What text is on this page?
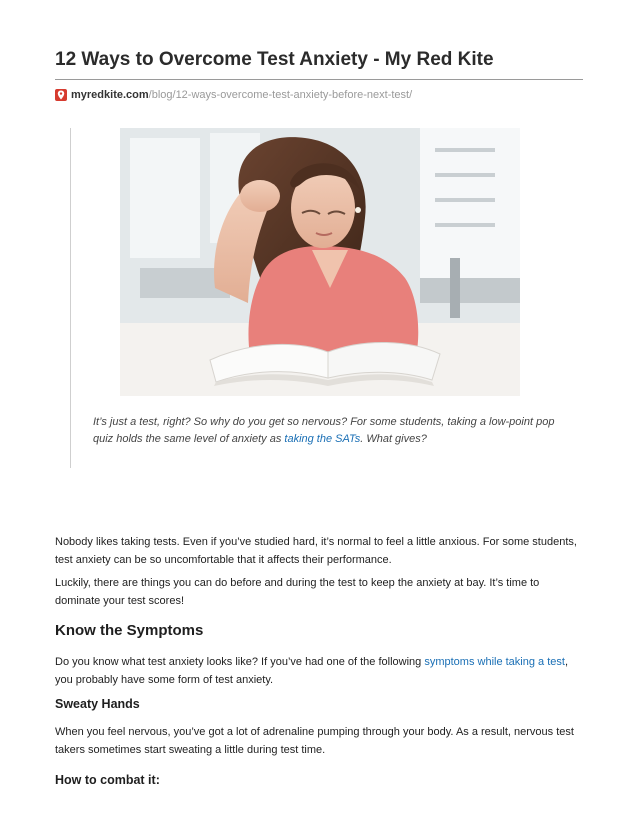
12 Ways to Overcome Test Anxiety - My Red Kite
myredkite.com /blog/12-ways-overcome-test-anxiety-before-next-test/

It’s just a test, right? So why do you get so nervous? For some students, taking a low-point pop quiz holds the same level of anxiety as taking the SATs. What gives?

Nobody likes taking tests. Even if you’ve studied hard, it’s normal to feel a little anxious. For some students, test anxiety can be so uncomfortable that it affects their performance.

Luckily, there are things you can do before and during the test to keep the anxiety at bay. It’s time to dominate your test scores!

Know the Symptoms

Do you know what test anxiety looks like? If you’ve had one of the following symptoms while taking a test, you probably have some form of test anxiety.

Sweaty Hands

When you feel nervous, you’ve got a lot of adrenaline pumping through your body. As a result, nervous test takers sometimes start sweating a little during test time.

How to combat it:
